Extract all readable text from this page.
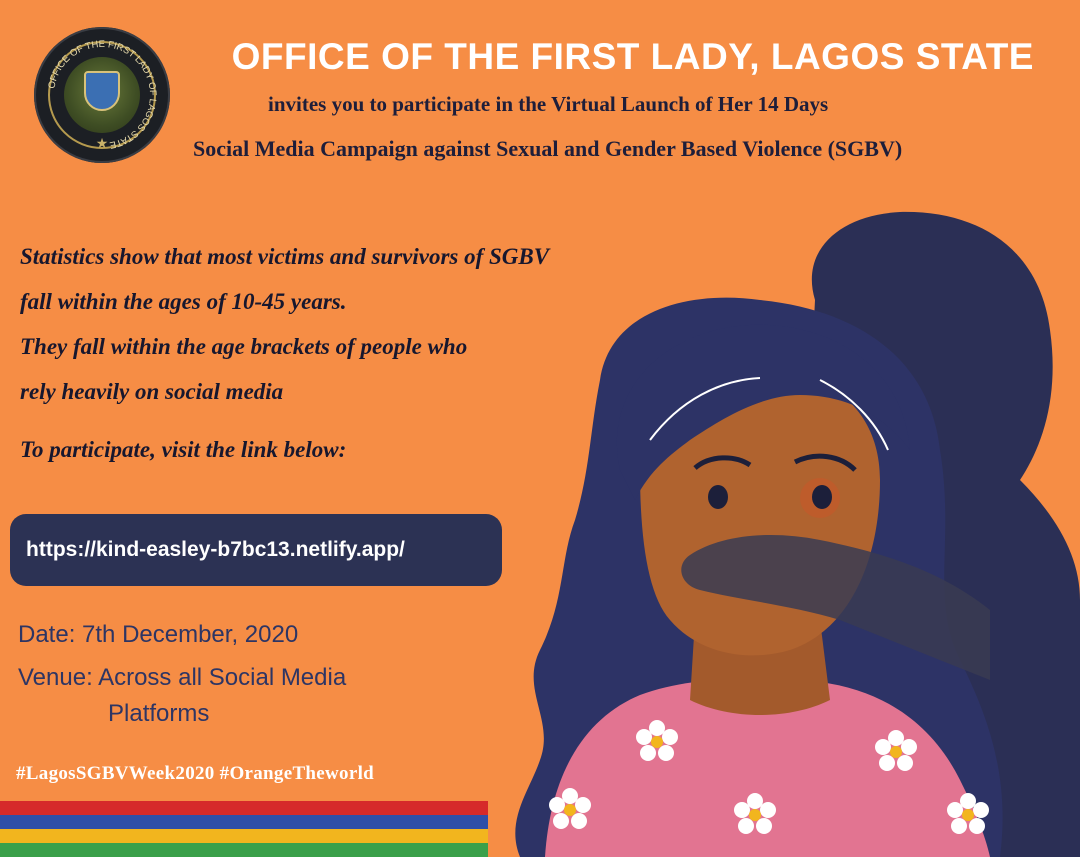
OFFICE OF THE FIRST LADY OF LAGOS STATE
★
OFFICE OF THE FIRST LADY, LAGOS STATE
invites you to participate in the Virtual Launch of Her 14 Days
Social Media Campaign against Sexual and Gender Based Violence (SGBV)
Statistics show that most victims and survivors of SGBV
fall within the ages of 10-45 years.
They fall within the age brackets of people who
rely heavily on social media
To participate, visit the link below:
https://kind-easley-b7bc13.netlify.app/
Date: 7th December, 2020
Venue: Across all Social Media
Platforms
#LagosSGBVWeek2020 #OrangeTheworld
